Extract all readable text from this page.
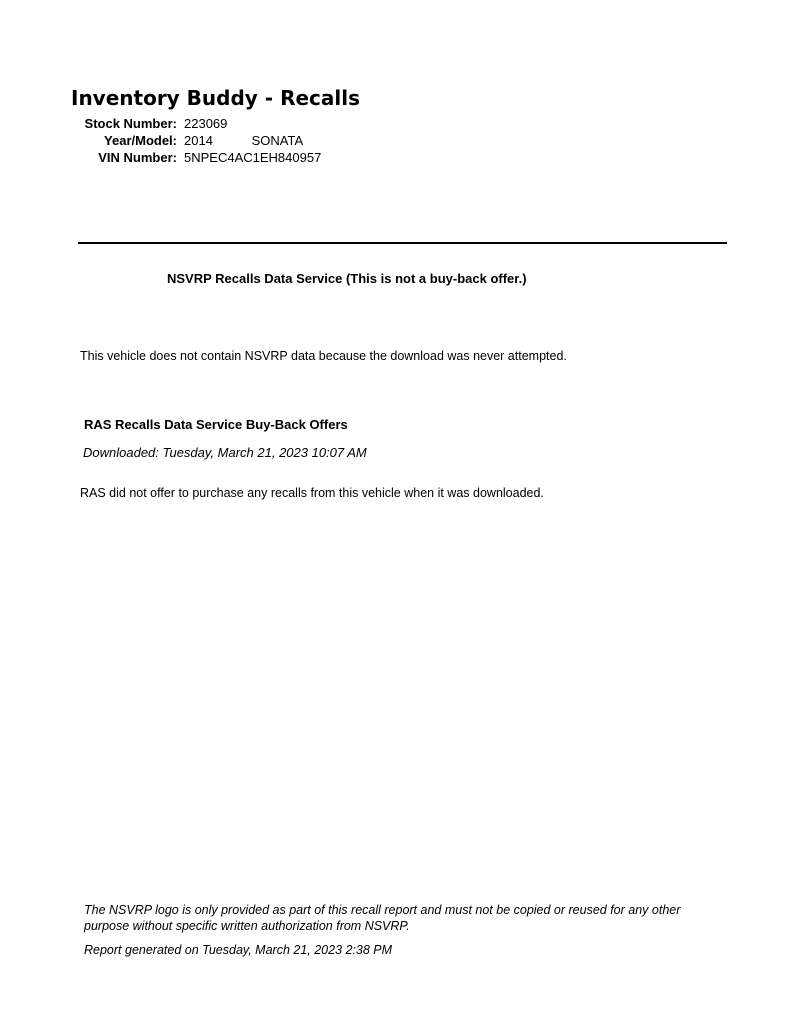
Inventory Buddy - Recalls
Stock Number: 223069
Year/Model: 2014	SONATA
VIN Number: 5NPEC4AC1EH840957
NSVRP Recalls Data Service (This is not a buy-back offer.)
This vehicle does not contain NSVRP data because the download was never attempted.
RAS Recalls Data Service Buy-Back Offers
Downloaded: Tuesday, March 21, 2023 10:07 AM
RAS did not offer to purchase any recalls from this vehicle when it was downloaded.
The NSVRP logo is only provided as part of this recall report and must not be copied or reused for any other purpose without specific written authorization from NSVRP.
Report generated on Tuesday, March 21, 2023 2:38 PM
